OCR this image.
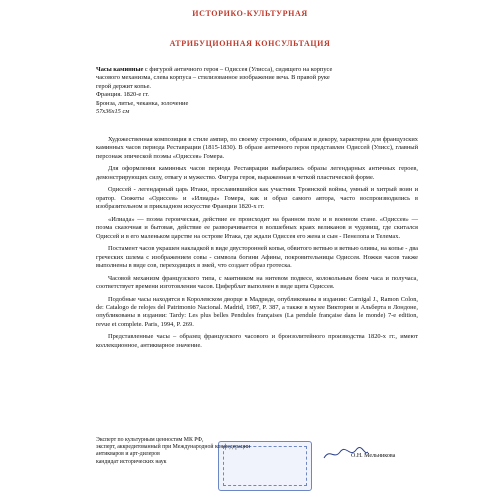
ИСТОРИКО-КУЛЬТУРНАЯ
АТРИБУЦИОННАЯ КОНСУЛЬТАЦИЯ
Часы каминные с фигурой античного героя – Одиссея (Улисса), сидящего на корпусе
часового механизма, слева корпуса – стилизованное изображение веча. В правой руке
герой держит копье.
Франция. 1820-е гг.
Бронза, литье, чеканка, золочение
57х36х15 см

Художественная композиция в стиле ампир, по своему строению, образам и декору, характерна для французских каминных часов периода Реставрации (1815-1830). В образе античного героя представлен Одиссей (Улисс), главный персонаж эпической поэмы «Одиссея» Гомера.

Для оформления каминных часов периода Реставрации выбирались образы легендарных античных героев, демонстрирующих силу, отвагу и мужество. Фигура героя, выраженная в четкой пластической форме.

Одиссей - легендарный царь Итаки, прославившийся как участник Троянской войны, умный и хитрый воин и оратор. Сюжеты «Одиссея» и «Илиады» Гомера, как и образ самого автора, часто воспроизводились в изобразительном и прикладном искусстве Франции 1820-х гг.

«Илиада» — поэма героическая, действие ее происходит на бранном поле и в военном стане. «Одиссея» — поэма сказочная и бытовая, действие ее разворачивается в волшебных краях великанов и чудовищ, где скитался Одиссей и в его маленьком царстве на острове Итака, где ждали Одиссея его жена и сын - Пенелопа и Телемах.

Постамент часов украшен накладкой в виде двусторонней копья, обвитого ветвью и ветвью оливы, на копье - два греческих шлема с изображением совы - символа богини Афины, покровительницы Одиссея. Ножки часов также выполнены в виде сов, переходящих в змей, что создает образ гротеска.

Часовой механизм французского типа, с маятником на нитевом подвесе, колокольным боем часа и получаса, соответствует времени изготовления часов. Циферблат выполнен в виде щита Одиссея.

Подобные часы находятся в Королевском дворце в Мадриде, опубликованы в издании: Carnigal J., Ramon Colon, de: Catalogo de relojes del Patrimonio Nacional. Madrid, 1987, P. 387, а также в музее Виктории и Альберта в Лондоне, опубликованы в издании: Tardy: Les plus belles Pendules françaises (La pendule française dans le monde) 7-e edition, revue et complete. Paris, 1994, P. 269.

Представленные часы – образец французского часового и бронзолитейного производства 1820-х гг., имеют коллекционное, антикварное значение.

Эксперт по культурным ценностям МК РФ,
эксперт, аккредитованный при Международной конфедерации
антикваров и арт-дилеров
кандидат исторических наук
О.Н. Мельникова
